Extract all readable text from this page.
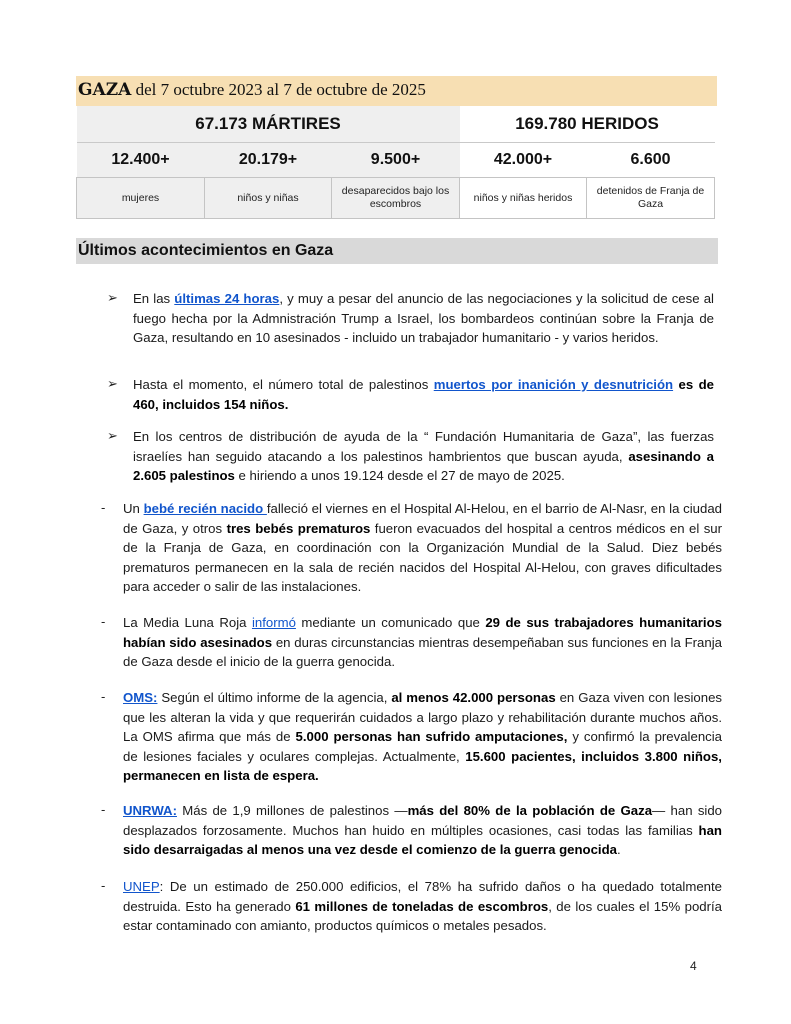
GAZA del 7 octubre 2023 al 7 de octubre de 2025
67.173 MÁRTIRES			169.780 HERIDOS	
12.400+	20.179+	9.500+	42.000+	6.600
mujeres	niños y niñas	desaparecidos bajo los escombros	niños y niñas heridos	detenidos de Franja de Gaza
Últimos acontecimientos en Gaza
➢ En las últimas 24 horas, y muy a pesar del anuncio de las negociaciones y la solicitud de cese al fuego hecha por la Admnistración Trump a Israel, los bombardeos continúan sobre la Franja de Gaza, resultando en 10 asesinados - incluido un trabajador humanitario - y varios heridos.
➢ Hasta el momento, el número total de palestinos muertos por inanición y desnutrición es de 460, incluidos 154 niños.
➢ En los centros de distribución de ayuda de la “ Fundación Humanitaria de Gaza”, las fuerzas israelíes han seguido atacando a los palestinos hambrientos que buscan ayuda, asesinando a 2.605 palestinos e hiriendo a unos 19.124 desde el 27 de mayo de 2025.
- Un bebé recién nacido falleció el viernes en el Hospital Al-Helou, en el barrio de Al-Nasr, en la ciudad de Gaza, y otros tres bebés prematuros fueron evacuados del hospital a centros médicos en el sur de la Franja de Gaza, en coordinación con la Organización Mundial de la Salud. Diez bebés prematuros permanecen en la sala de recién nacidos del Hospital Al-Helou, con graves dificultades para acceder o salir de las instalaciones.
- La Media Luna Roja informó mediante un comunicado que 29 de sus trabajadores humanitarios habían sido asesinados en duras circunstancias mientras desempeñaban sus funciones en la Franja de Gaza desde el inicio de la guerra genocida.
- OMS: Según el último informe de la agencia, al menos 42.000 personas en Gaza viven con lesiones que les alteran la vida y que requerirán cuidados a largo plazo y rehabilitación durante muchos años. La OMS afirma que más de 5.000 personas han sufrido amputaciones, y confirmó la prevalencia de lesiones faciales y oculares complejas. Actualmente, 15.600 pacientes, incluidos 3.800 niños, permanecen en lista de espera.
- UNRWA: Más de 1,9 millones de palestinos —más del 80% de la población de Gaza— han sido desplazados forzosamente. Muchos han huido en múltiples ocasiones, casi todas las familias han sido desarraigadas al menos una vez desde el comienzo de la guerra genocida.
- UNEP: De un estimado de 250.000 edificios, el 78% ha sufrido daños o ha quedado totalmente destruida. Esto ha generado 61 millones de toneladas de escombros, de los cuales el 15% podría estar contaminado con amianto, productos químicos o metales pesados.
4
